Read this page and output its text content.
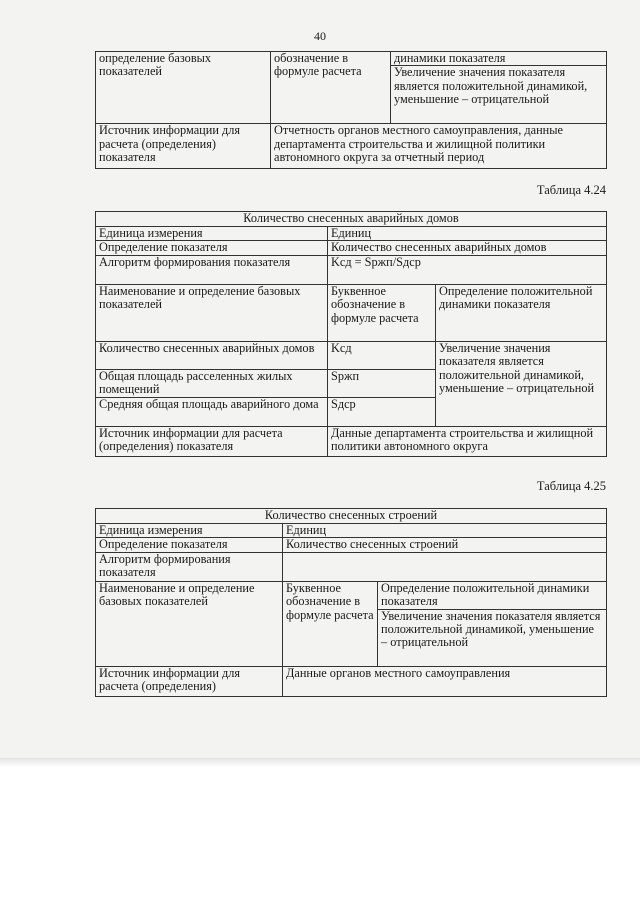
40
определение базовых показателей	обозначение в формуле расчета	динамики показателя
		Увеличение значения показателя является положительной динамикой, уменьшение – отрицательной
Источник информации для расчета (определения) показателя	Отчетность органов местного самоуправления, данные департамента строительства и жилищной политики автономного округа за отчетный период	
Таблица 4.24
Количество снесенных аварийных домов		
Единица измерения	Единиц	
Определение показателя	Количество снесенных аварийных домов	
Алгоритм формирования показателя	Kсд = Sржп/Sдср	
Наименование и определение базовых показателей	Буквенное обозначение в формуле расчета	Определение положительной динамики показателя
Количество снесенных аварийных домов	Kсд	Увеличение значения показателя является положительной динамикой, уменьшение – отрицательной
Общая площадь расселенных жилых помещений	Sржп	
Средняя общая площадь аварийного дома	Sдср	
Источник информации для расчета (определения) показателя	Данные департамента строительства и жилищной политики автономного округа	
Таблица 4.25
Количество снесенных строений		
Единица измерения	Единиц	
Определение показателя	Количество снесенных строений	
Алгоритм формирования показателя		
Наименование и определение базовых показателей	Буквенное обозначение в формуле расчета	Определение положительной динамики показателя
		Увеличение значения показателя является положительной динамикой, уменьшение – отрицательной
Источник информации для расчета (определения)	Данные органов местного самоуправления	
